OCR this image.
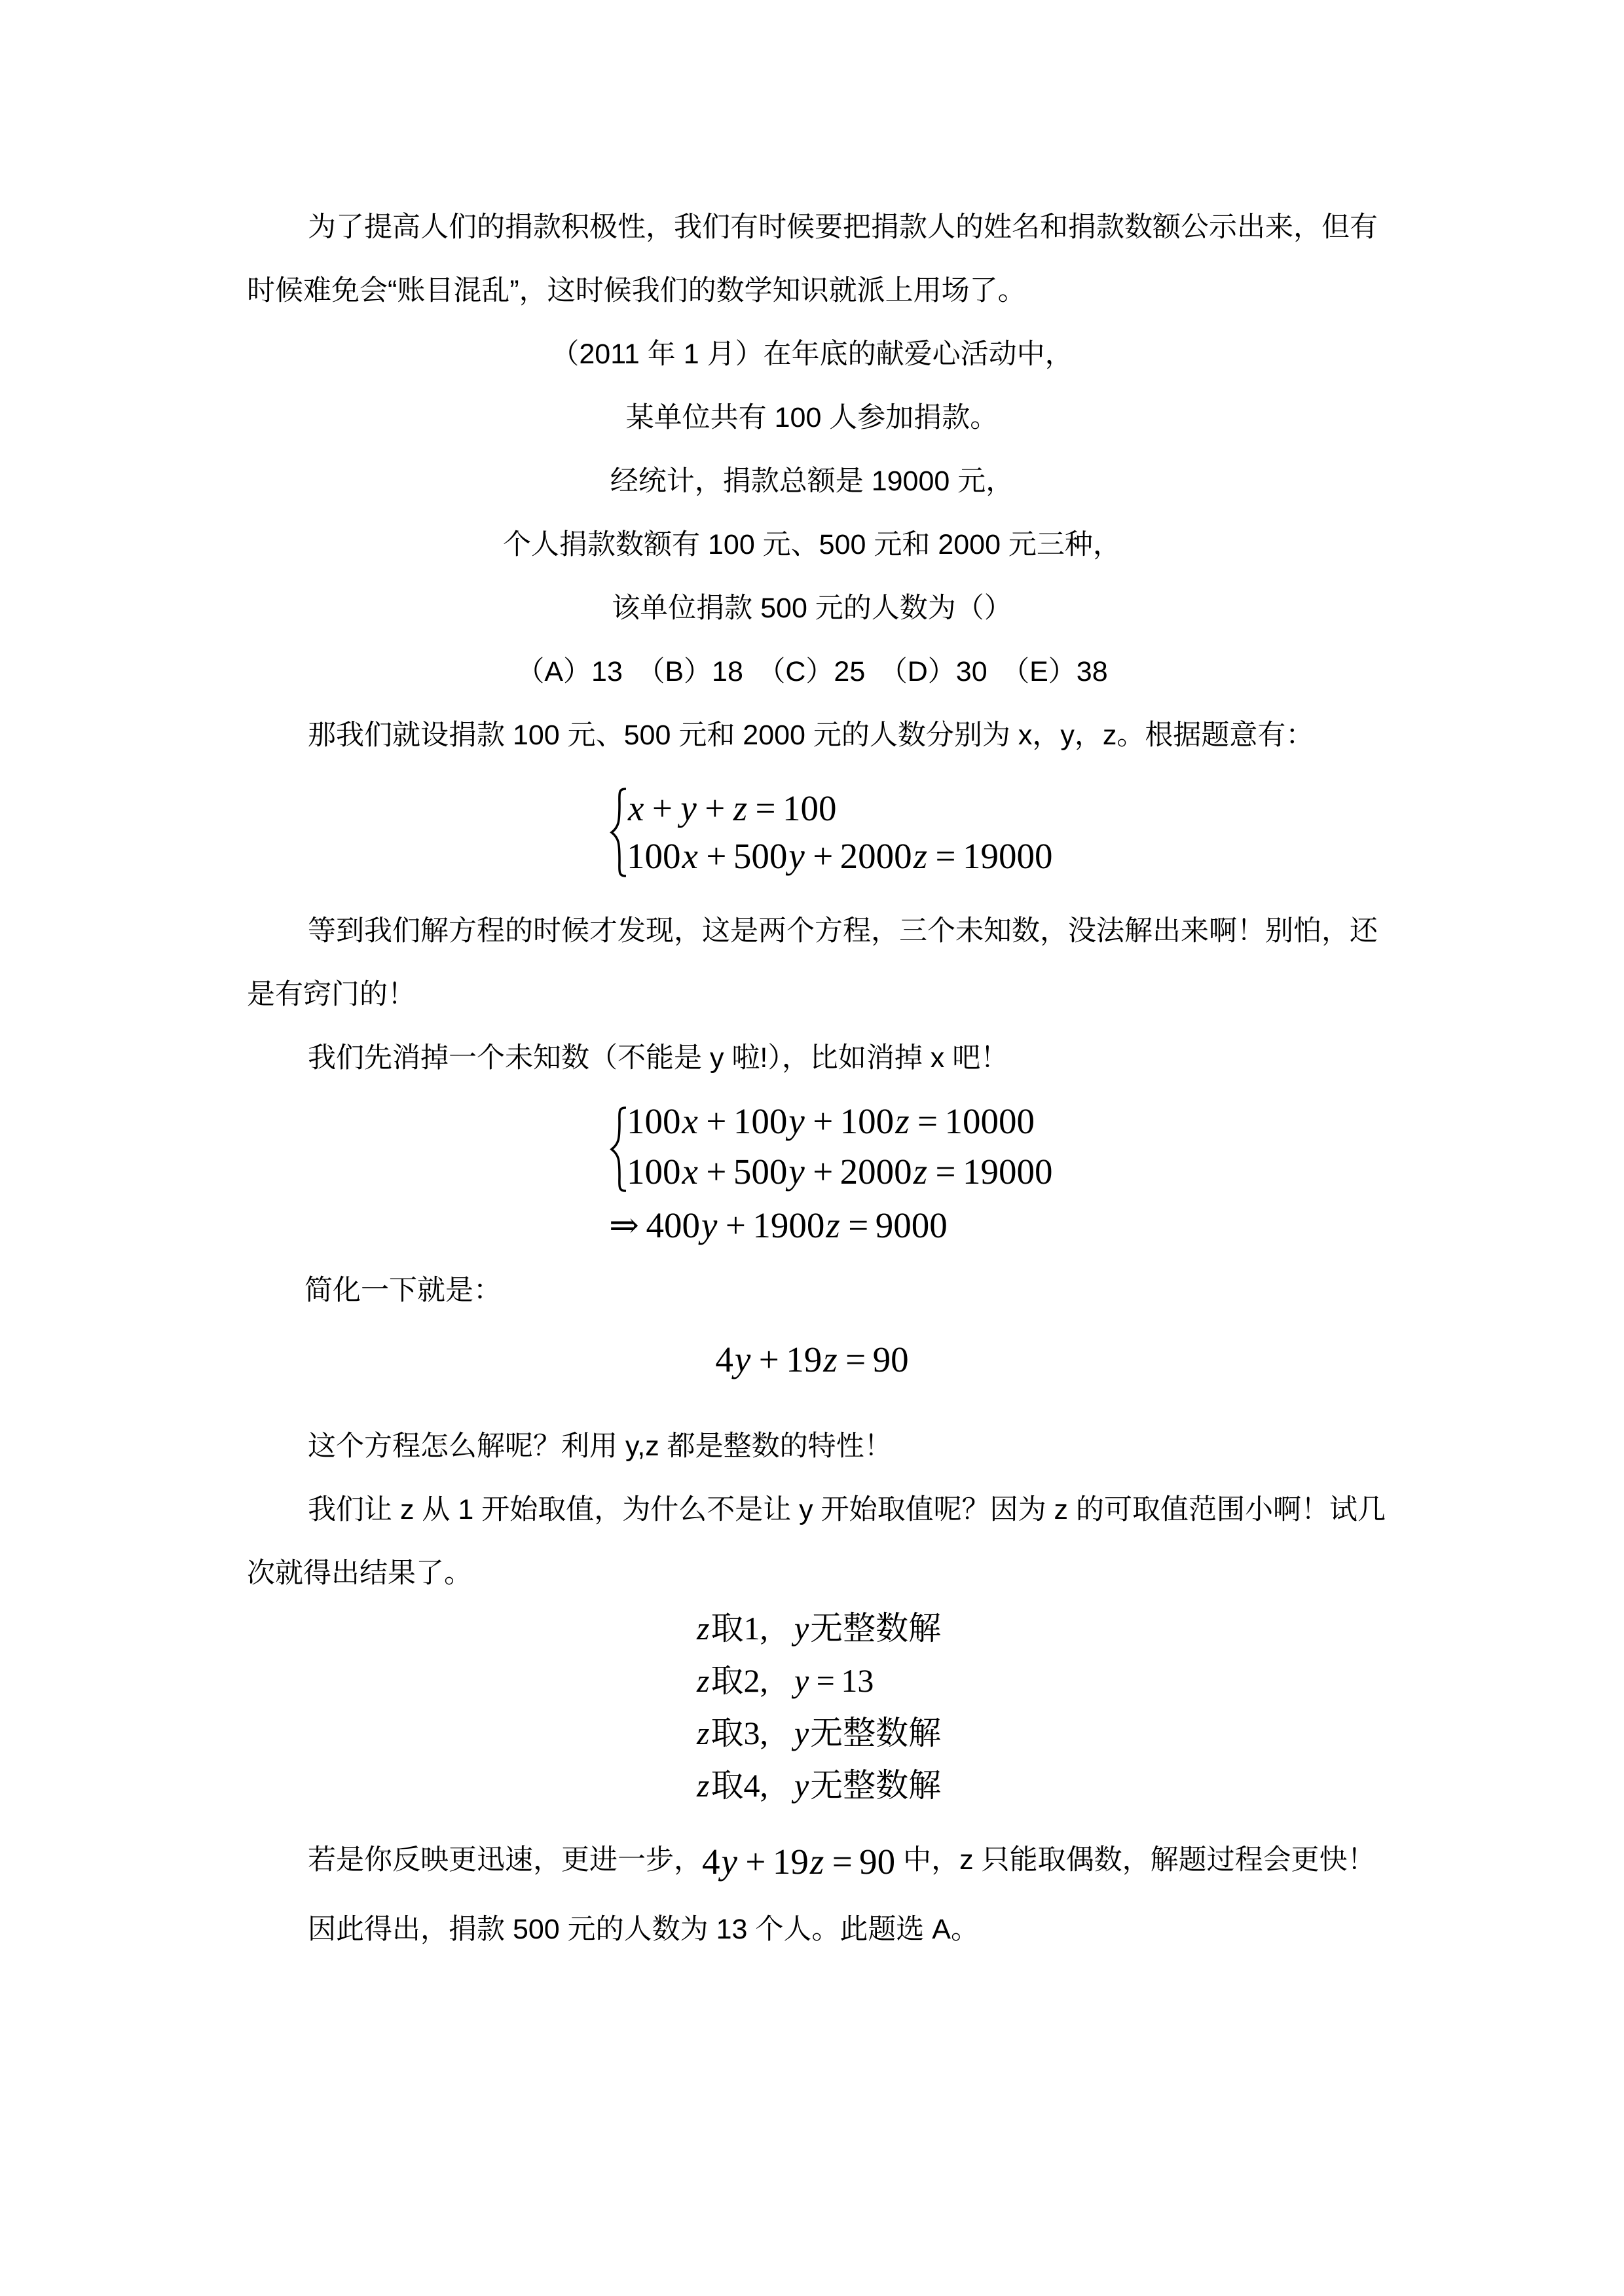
为了提高人们的捐款积极性，我们有时候要把捐款人的姓名和捐款数额公示出来，但有

时候难免会“账目混乱”，这时候我们的数学知识就派上用场了。

（2011 年 1 月）在年底的献爱心活动中，

某单位共有 100 人参加捐款。

经统计，捐款总额是 19000 元，

个人捐款数额有 100 元、500 元和 2000 元三种，

该单位捐款 500 元的人数为（）

（A）13　（B）18　（C）25　（D）30　（E）38

那我们就设捐款 100 元、500 元和 2000 元的人数分别为 x，y，z。根据题意有：

x + y + z = 100

100x + 500y + 2000z = 19000

等到我们解方程的时候才发现，这是两个方程，三个未知数，没法解出来啊！别怕，还

是有窍门的！

我们先消掉一个未知数（不能是 y 啦!），比如消掉 x 吧！

100x + 100y + 100z = 10000

100x + 500y + 2000z = 19000

⇒ 400y + 1900z = 9000

简化一下就是：

4y + 19z = 90

这个方程怎么解呢？利用 y,z 都是整数的特性！

我们让 z 从 1 开始取值，为什么不是让 y 开始取值呢？因为 z 的可取值范围小啊！试几

次就得出结果了。

z取1,    y无整数解

z取2,    y = 13

z取3,    y无整数解

z取4,    y无整数解

若是你反映更迅速，更进一步，4y + 19z = 90 中，z 只能取偶数，解题过程会更快！

因此得出，捐款 500 元的人数为 13 个人。此题选 A。
